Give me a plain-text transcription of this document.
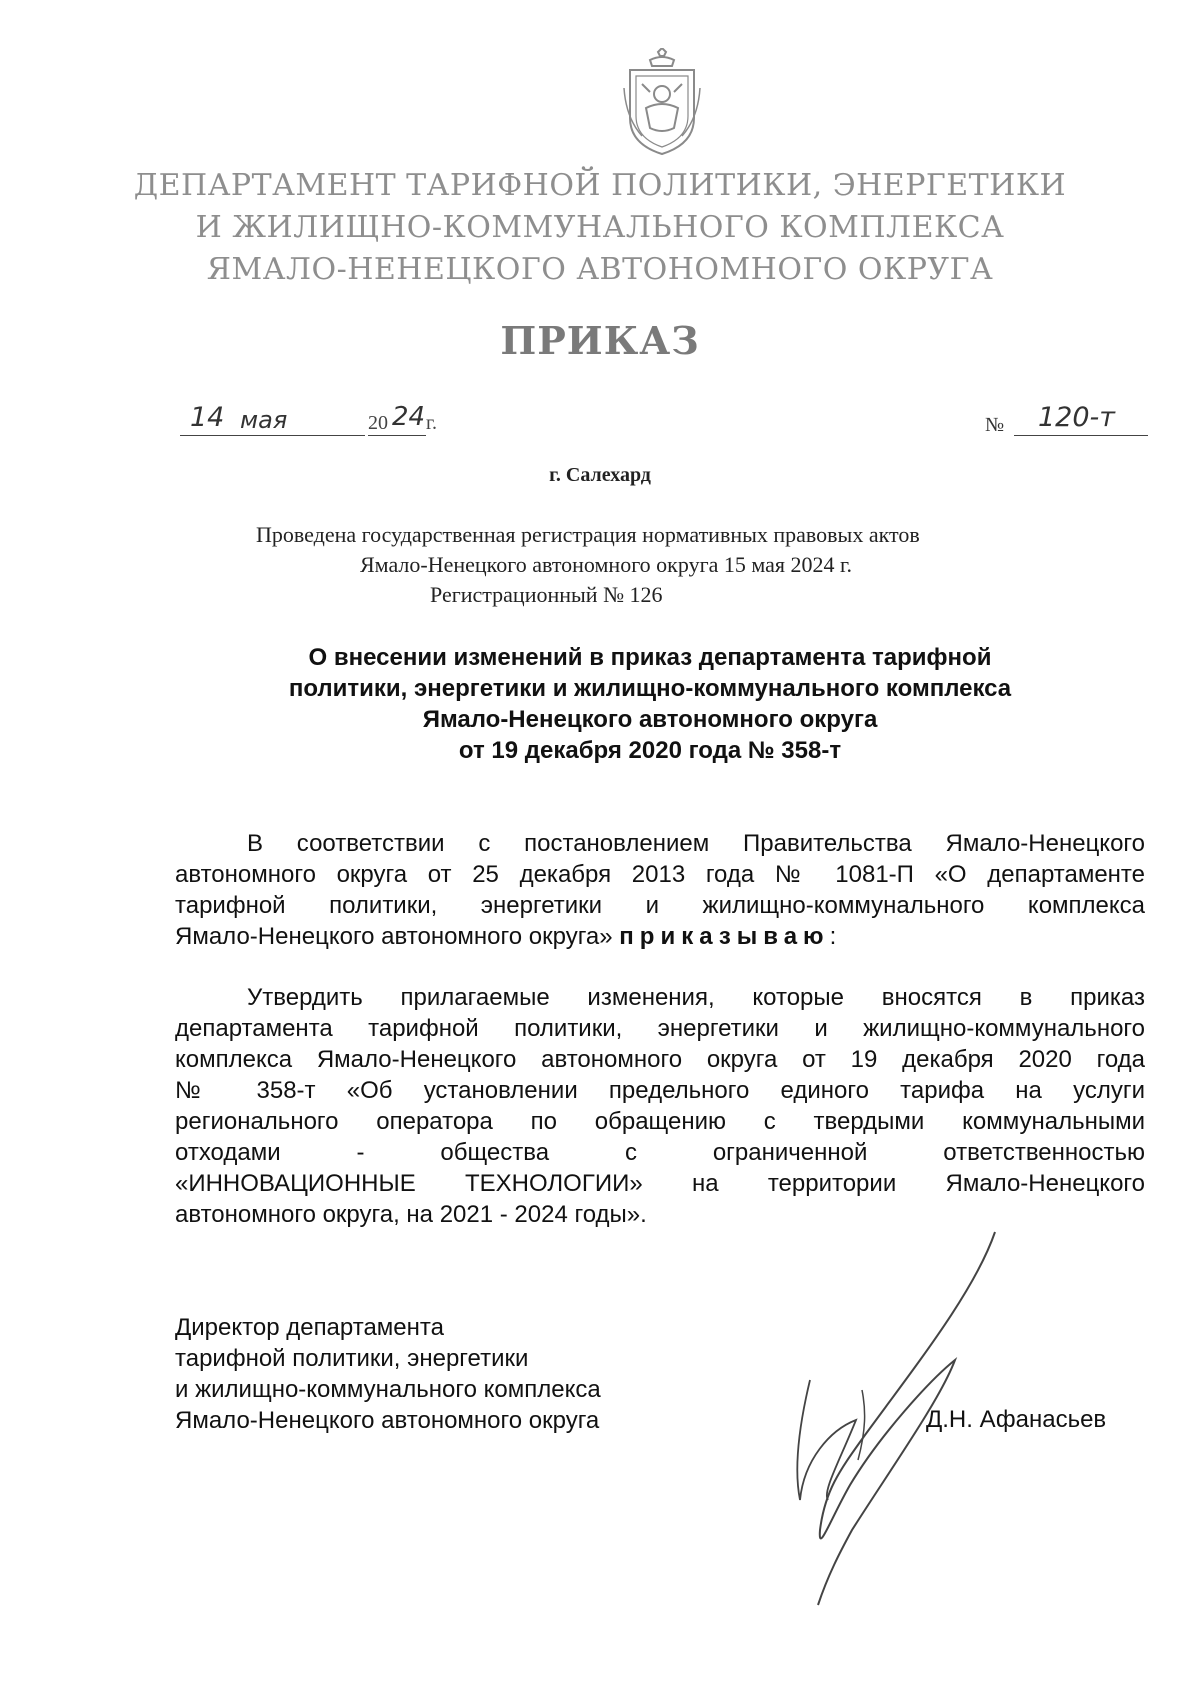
ДЕПАРТАМЕНТ ТАРИФНОЙ ПОЛИТИКИ, ЭНЕРГЕТИКИ
И ЖИЛИЩНО-КОММУНАЛЬНОГО КОМПЛЕКСА
ЯМАЛО-НЕНЕЦКОГО АВТОНОМНОГО ОКРУГА
ПРИКАЗ
14 мая	20 24 г.	№ 120-т
г. Салехард
Проведена государственная регистрация нормативных правовых актов
Ямало-Ненецкого автономного округа 15 мая 2024 г.
Регистрационный № 126
О внесении изменений в приказ департамента тарифной
политики, энергетики и жилищно-коммунального комплекса
Ямало-Ненецкого автономного округа
от 19 декабря 2020 года № 358-т
В соответствии с постановлением Правительства Ямало-Ненецкого
автономного округа от 25 декабря 2013 года № 1081-П «О департаменте
тарифной политики, энергетики и жилищно-коммунального комплекса
Ямало-Ненецкого автономного округа» приказываю:
Утвердить прилагаемые изменения, которые вносятся в приказ
департамента тарифной политики, энергетики и жилищно-коммунального
комплекса Ямало-Ненецкого автономного округа от 19 декабря 2020 года
№ 358-т «Об установлении предельного единого тарифа на услуги
регионального оператора по обращению с твердыми коммунальными
отходами - общества с ограниченной ответственностью
«ИННОВАЦИОННЫЕ ТЕХНОЛОГИИ» на территории Ямало-Ненецкого
автономного округа, на 2021 - 2024 годы».
Директор департамента
тарифной политики, энергетики
и жилищно-коммунального комплекса
Ямало-Ненецкого автономного округа	Д.Н. Афанасьев
